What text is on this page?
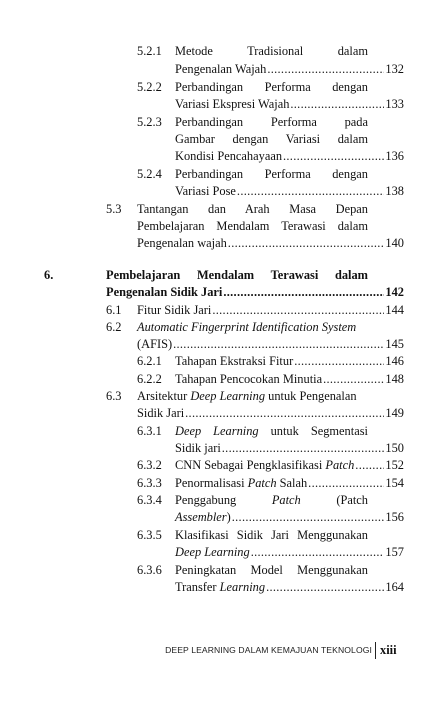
5.2.1 Metode	Tradisional	dalam
Pengenalan Wajah .....	132
5.2.2 Perbandingan Performa dengan
Variasi Ekspresi Wajah .....	133
5.2.3 Perbandingan Performa pada
Gambar dengan Variasi dalam
Kondisi Pencahayaan .....	136
5.2.4 Perbandingan Performa dengan
Variasi Pose .....	138
5.3 Tantangan dan Arah Masa Depan
Pembelajaran Mendalam Terawasi dalam
Pengenalan wajah .....	140
6.	Pembelajaran Mendalam Terawasi dalam
Pengenalan Sidik Jari .....	142
6.1 Fitur Sidik Jari .....	144
6.2 Automatic Fingerprint Identification System
(AFIS) .....	145
6.2.1 Tahapan Ekstraksi Fitur .....	146
6.2.2 Tahapan Pencocokan Minutia .....	148
6.3 Arsitektur Deep Learning untuk Pengenalan
Sidik Jari .....	149
6.3.1 Deep Learning untuk Segmentasi
Sidik jari .....	150
6.3.2 CNN Sebagai Pengklasifikasi Patch .....	152
6.3.3 Penormalisasi Patch Salah .....	154
6.3.4 Penggabung	Patch	(Patch
Assembler) .....	156
6.3.5 Klasifikasi Sidik Jari Menggunakan
Deep Learning .....	157
6.3.6 Peningkatan Model Menggunakan
Transfer Learning .....	164
DEEP LEARNING DALAM KEMAJUAN TEKNOLOGI xiii
